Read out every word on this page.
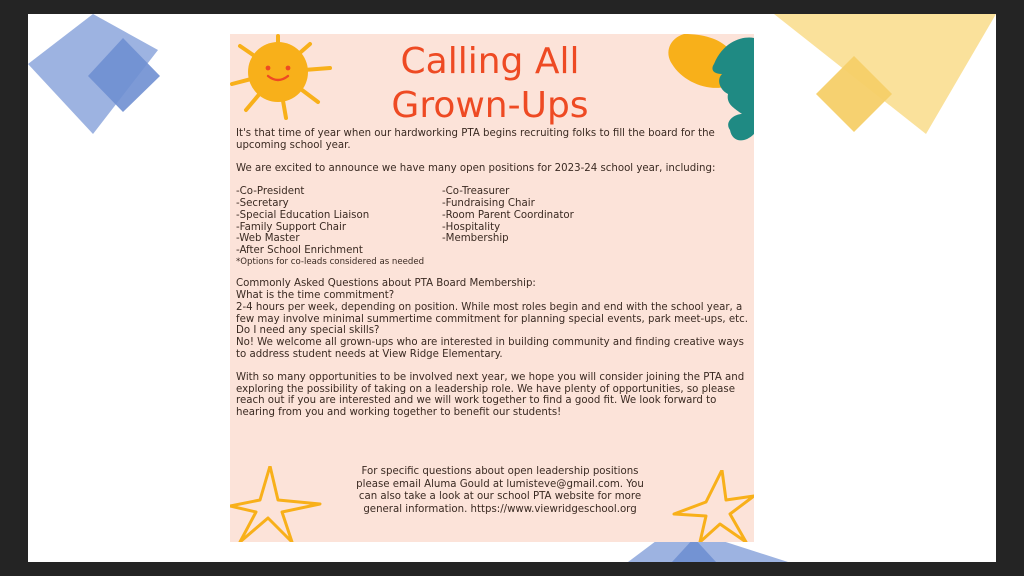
Calling All
Grown-Ups

It's that time of year when our hardworking PTA begins recruiting folks to fill the board for the upcoming school year.

We are excited to announce we have many open positions for 2023-24 school year, including:

-Co-President
-Secretary
-Special Education Liaison
-Family Support Chair
-Web Master
-After School Enrichment
-Co-Treasurer
-Fundraising Chair
-Room Parent Coordinator
-Hospitality
-Membership

*Options for co-leads considered as needed

Commonly Asked Questions about PTA Board Membership:

What is the time commitment?

2-4 hours per week, depending on position. While most roles begin and end with the school year, a few may involve minimal summertime commitment for planning special events, park meet-ups, etc.

Do I need any special skills?

No! We welcome all grown-ups who are interested in building community and finding creative ways to address student needs at View Ridge Elementary.

With so many opportunities to be involved next year, we hope you will consider joining the PTA and exploring the possibility of taking on a leadership role. We have plenty of opportunities, so please reach out if you are interested and we will work together to find a good fit. We look forward to hearing from you and working together to benefit our students!

For specific questions about open leadership positions please email Aluma Gould at lumisteve@gmail.com. You can also take a look at our school PTA website for more general information. https://www.viewridgeschool.org
